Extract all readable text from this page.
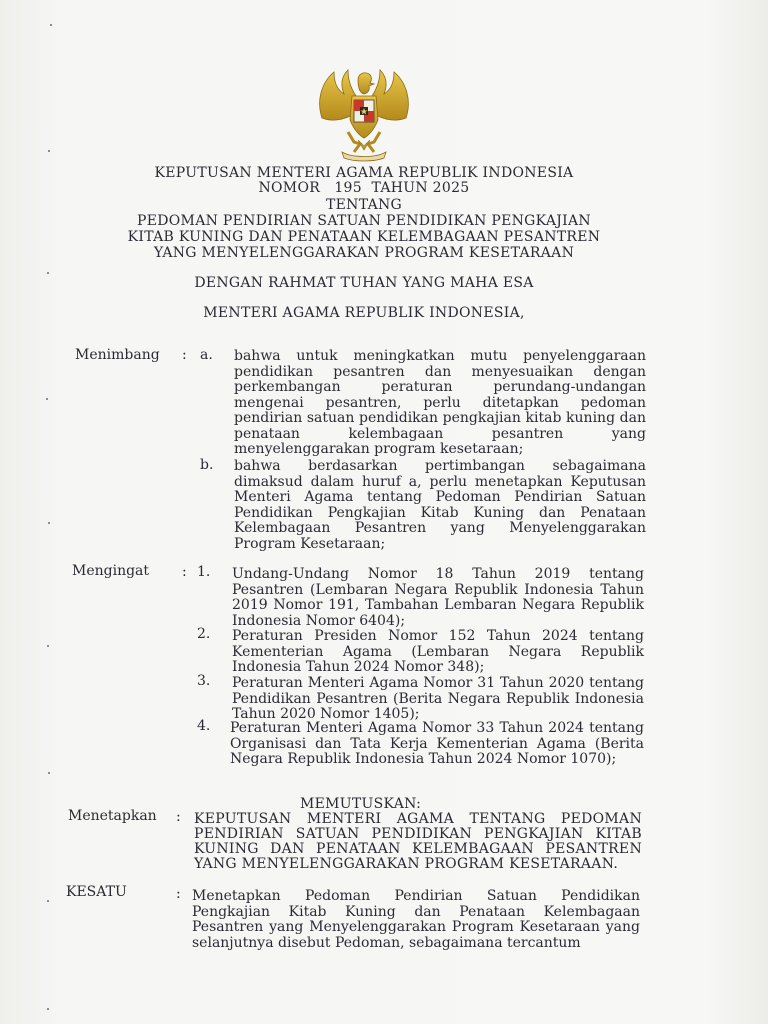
KEPUTUSAN MENTERI AGAMA REPUBLIK INDONESIA
NOMOR 195 TAHUN 2025
TENTANG
PEDOMAN PENDIRIAN SATUAN PENDIDIKAN PENGKAJIAN
KITAB KUNING DAN PENATAAN KELEMBAGAAN PESANTREN
YANG MENYELENGGARAKAN PROGRAM KESETARAAN
DENGAN RAHMAT TUHAN YANG MAHA ESA
MENTERI AGAMA REPUBLIK INDONESIA,
Menimbang : a. bahwa untuk meningkatkan mutu penyelenggaraan pendidikan pesantren dan menyesuaikan dengan perkembangan peraturan perundang-undangan mengenai pesantren, perlu ditetapkan pedoman pendirian satuan pendidikan pengkajian kitab kuning dan penataan kelembagaan pesantren yang menyelenggarakan program kesetaraan;
b. bahwa berdasarkan pertimbangan sebagaimana dimaksud dalam huruf a, perlu menetapkan Keputusan Menteri Agama tentang Pedoman Pendirian Satuan Pendidikan Pengkajian Kitab Kuning dan Penataan Kelembagaan Pesantren yang Menyelenggarakan Program Kesetaraan;
Mengingat : 1. Undang-Undang Nomor 18 Tahun 2019 tentang Pesantren (Lembaran Negara Republik Indonesia Tahun 2019 Nomor 191, Tambahan Lembaran Negara Republik Indonesia Nomor 6404);
2. Peraturan Presiden Nomor 152 Tahun 2024 tentang Kementerian Agama (Lembaran Negara Republik Indonesia Tahun 2024 Nomor 348);
3. Peraturan Menteri Agama Nomor 31 Tahun 2020 tentang Pendidikan Pesantren (Berita Negara Republik Indonesia Tahun 2020 Nomor 1405);
4. Peraturan Menteri Agama Nomor 33 Tahun 2024 tentang Organisasi dan Tata Kerja Kementerian Agama (Berita Negara Republik Indonesia Tahun 2024 Nomor 1070);
MEMUTUSKAN:
Menetapkan : KEPUTUSAN MENTERI AGAMA TENTANG PEDOMAN PENDIRIAN SATUAN PENDIDIKAN PENGKAJIAN KITAB KUNING DAN PENATAAN KELEMBAGAAN PESANTREN YANG MENYELENGGARAKAN PROGRAM KESETARAAN.
KESATU	: Menetapkan Pedoman Pendirian Satuan Pendidikan Pengkajian Kitab Kuning dan Penataan Kelembagaan Pesantren yang Menyelenggarakan Program Kesetaraan yang selanjutnya disebut Pedoman, sebagaimana tercantum
